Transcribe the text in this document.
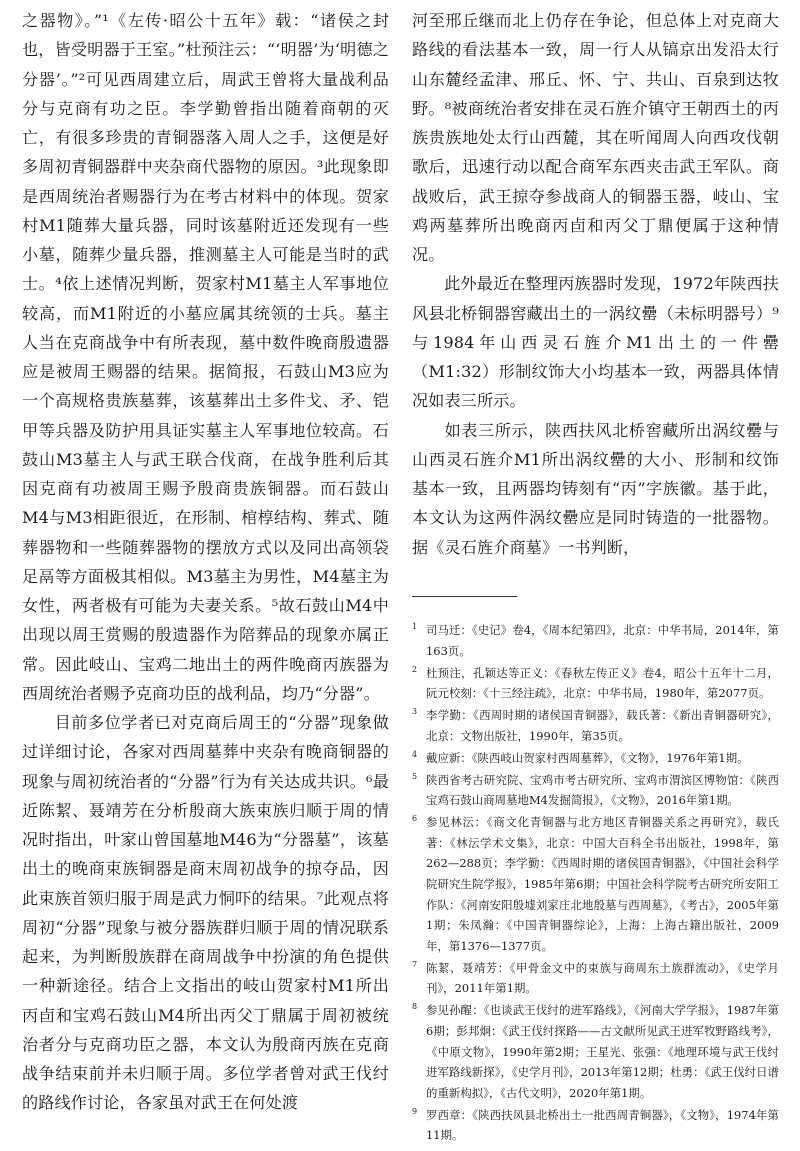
之器物》。”¹《左传·昭公十五年》载：“诸侯之封也，皆受明器于王室。”杜预注云：“‘明器’为‘明德之分器’。”²可见西周建立后，周武王曾将大量战利品分与克商有功之臣。李学勤曾指出随着商朝的灭亡，有很多珍贵的青铜器落入周人之手，这便是好多周初青铜器群中夹杂商代器物的原因。³此现象即是西周统治者赐器行为在考古材料中的体现。贺家村M1随葬大量兵器，同时该墓附近还发现有一些小墓，随葬少量兵器，推测墓主人可能是当时的武士。⁴依上述情况判断，贺家村M1墓主人军事地位较高，而M1附近的小墓应属其统领的士兵。墓主人当在克商战争中有所表现，墓中数件晚商殷遗器应是被周王赐器的结果。据简报，石鼓山M3应为一个高规格贵族墓葬，该墓葬出土多件戈、矛、铠甲等兵器及防护用具证实墓主人军事地位较高。石鼓山M3墓主人与武王联合伐商，在战争胜利后其因克商有功被周王赐予殷商贵族铜器。而石鼓山M4与M3相距很近，在形制、棺椁结构、葬式、随葬器物和一些随葬器物的摆放方式以及同出高领袋足鬲等方面极其相似。M3墓主为男性，M4墓主为女性，两者极有可能为夫妻关系。⁵故石鼓山M4中出现以周王赏赐的殷遗器作为陪葬品的现象亦属正常。因此岐山、宝鸡二地出土的两件晚商丙族器为西周统治者赐予克商功臣的战利品，均乃“分器”。

目前多位学者已对克商后周王的“分器”现象做过详细讨论，各家对西周墓葬中夹杂有晚商铜器的现象与周初统治者的“分器”行为有关达成共识。⁶最近陈絜、聂靖芳在分析殷商大族束族归顺于周的情况时指出，叶家山曾国墓地M46为“分器墓”，该墓出土的晚商束族铜器是商末周初战争的掠夺品，因此束族首领归服于周是武力恫吓的结果。⁷此观点将周初“分器”现象与被分器族群归顺于周的情况联系起来，为判断殷族群在商周战争中扮演的角色提供一种新途径。结合上文指出的岐山贺家村M1所出丙卣和宝鸡石鼓山M4所出丙父丁鼎属于周初被统治者分与克商功臣之器，本文认为殷商丙族在克商战争结束前并未归顺于周。多位学者曾对武王伐纣的路线作讨论，各家虽对武王在何处渡

河至邢丘继而北上仍存在争论，但总体上对克商大路线的看法基本一致，周一行人从镐京出发沿太行山东麓经孟津、邢丘、怀、宁、共山、百泉到达牧野。⁸被商统治者安排在灵石旌介镇守王朝西土的丙族贵族地处太行山西麓，其在听闻周人向西攻伐朝歌后，迅速行动以配合商军东西夹击武王军队。商战败后，武王掠夺参战商人的铜器玉器，岐山、宝鸡两墓葬所出晚商丙卣和丙父丁鼎便属于这种情况。

此外最近在整理丙族器时发现，1972年陕西扶风县北桥铜器窖藏出土的一涡纹罍（未标明器号）⁹与1984年山西灵石旌介M1出土的一件罍（M1:32）形制纹饰大小均基本一致，两器具体情况如表三所示。

如表三所示，陕西扶风北桥窖藏所出涡纹罍与山西灵石旌介M1所出涡纹罍的大小、形制和纹饰基本一致，且两器均铸刻有“丙”字族徽。基于此，本文认为这两件涡纹罍应是同时铸造的一批器物。据《灵石旌介商墓》一书判断，

1 司马迁：《史记》卷4，《周本纪第四》，北京：中华书局，2014年，第163页。
2 杜预注，孔颖达等正义：《春秋左传正义》卷4，昭公十五年十二月，阮元校刻：《十三经注疏》，北京：中华书局，1980年，第2077页。
3 李学勤：《西周时期的诸侯国青铜器》，载氏著：《新出青铜器研究》，北京：文物出版社，1990年，第35页。
4 戴应新：《陕西岐山贺家村西周墓葬》，《文物》，1976年第1期。
5 陕西省考古研究院、宝鸡市考古研究所、宝鸡市渭滨区博物馆：《陕西宝鸡石鼓山商周墓地M4发掘简报》，《文物》，2016年第1期。
6 参见林沄：《商文化青铜器与北方地区青铜器关系之再研究》，载氏著：《林沄学术文集》，北京：中国大百科全书出版社，1998年，第262—288页；李学勤：《西周时期的诸侯国青铜器》，《中国社会科学院研究生院学报》，1985年第6期；中国社会科学院考古研究所安阳工作队：《河南安阳殷墟刘家庄北地殷墓与西周墓》，《考古》，2005年第1期；朱凤瀚：《中国青铜器综论》，上海：上海古籍出版社，2009年，第1376—1377页。
7 陈絜、聂靖芳：《甲骨金文中的束族与商周东土族群流动》，《史学月刊》，2011年第1期。
8 参见孙醒：《也谈武王伐纣的进军路线》，《河南大学学报》，1987年第6期；彭邦炯：《武王伐纣探路——古文献所见武王进军牧野路线考》，《中原文物》，1990年第2期；王星光、张强：《地理环境与武王伐纣进军路线新探》，《史学月刊》，2013年第12期；杜勇：《武王伐纣日谱的重新构拟》，《古代文明》，2020年第1期。
9 罗西章：《陕西扶风县北桥出土一批西周青铜器》，《文物》，1974年第11期。
